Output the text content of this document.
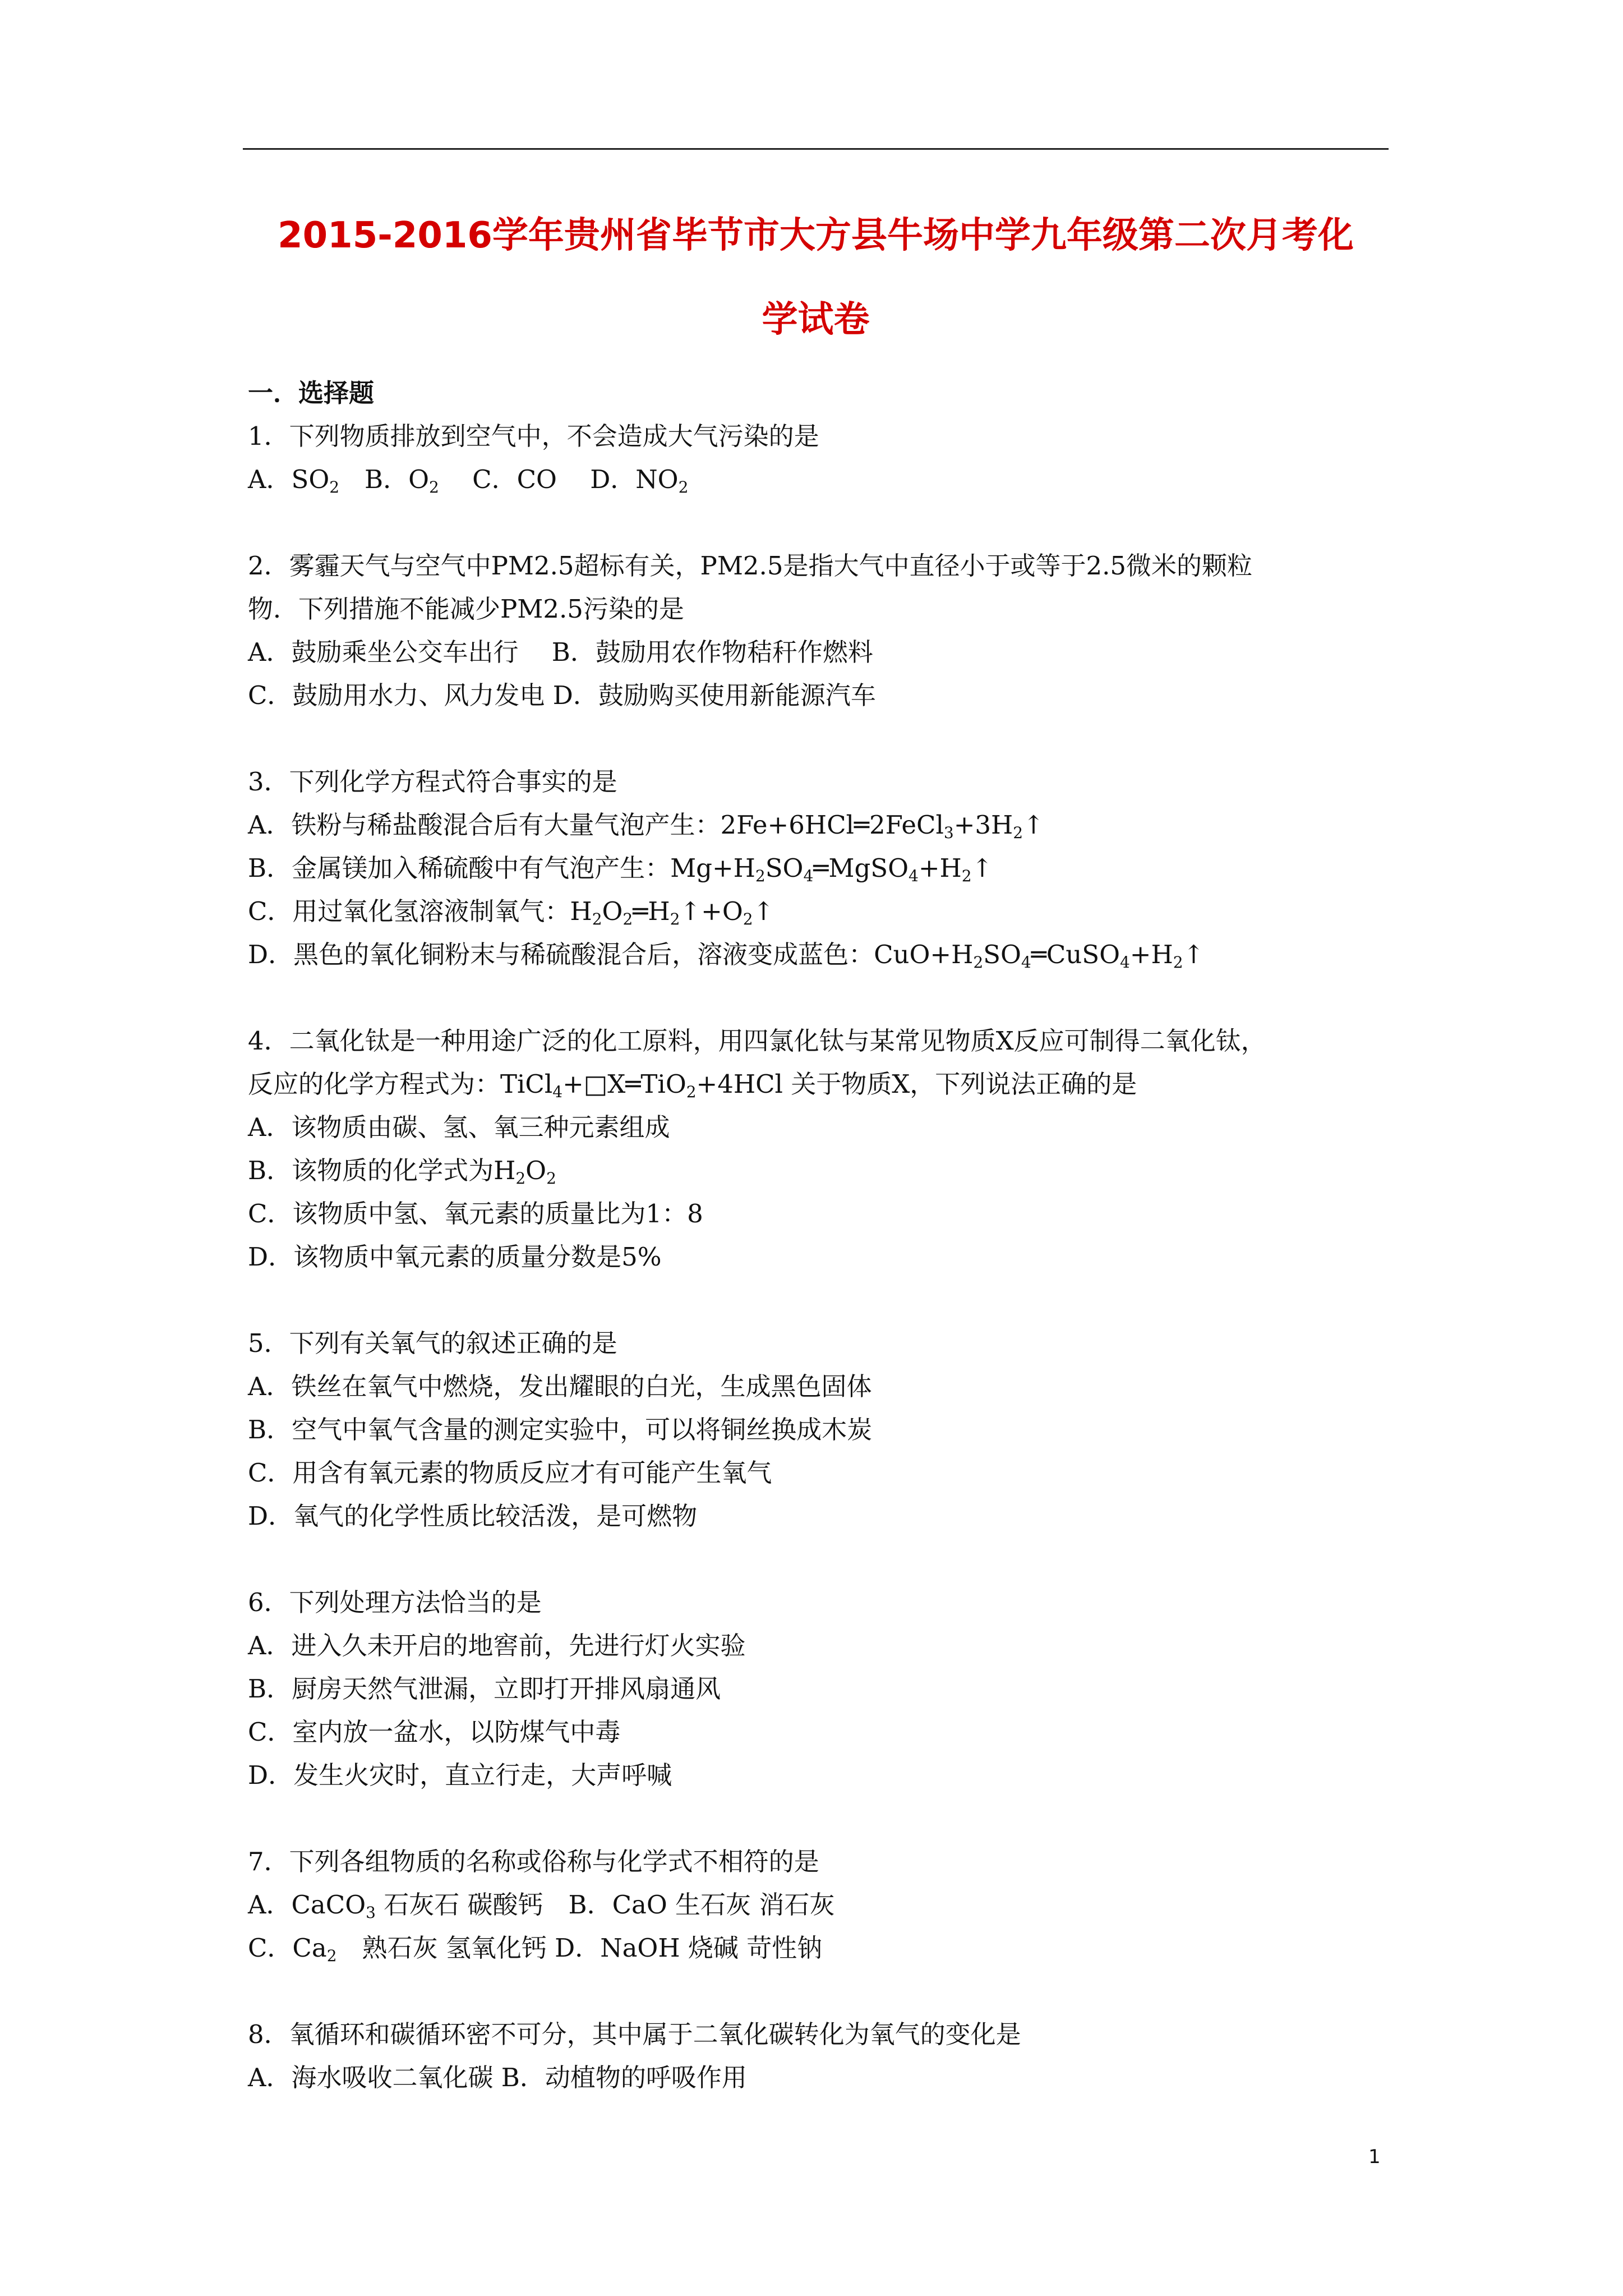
2015-2016学年贵州省毕节市大方县牛场中学九年级第二次月考化
学试卷
一．选择题
1．下列物质排放到空气中，不会造成大气污染的是
A．$SO_2$　B．$O_2$　 C．CO　 D．$NO_2$
2．雾霾天气与空气中PM2.5超标有关，PM2.5是指大气中直径小于或等于2.5微米的颗粒
物．下列措施不能减少PM2.5污染的是
A．鼓励乘坐公交车出行　 B．鼓励用农作物秸秆作燃料
C．鼓励用水力、风力发电 D．鼓励购买使用新能源汽车
3．下列化学方程式符合事实的是
A．铁粉与稀盐酸混合后有大量气泡产生：$2Fe+6HCl═2FeCl_3+3H_2↑$
B．金属镁加入稀硫酸中有气泡产生：$Mg+H_2SO_4═MgSO_4+H_2↑$
C．用过氧化氢溶液制氧气：$H_2O_2═H_2↑+O_2↑$
D．黑色的氧化铜粉末与稀硫酸混合后，溶液变成蓝色：$CuO+H_2SO_4═CuSO_4+H_2↑$
4．二氧化钛是一种用途广泛的化工原料，用四氯化钛与某常见物质X反应可制得二氧化钛，
反应的化学方程式为：TiCl$_4$+□X═TiO$_2$+4HCl 关于物质X，下列说法正确的是
A．该物质由碳、氢、氧三种元素组成
B．该物质的化学式为$H_2O_2$
C．该物质中氢、氧元素的质量比为1：8
D．该物质中氧元素的质量分数是5%
5．下列有关氧气的叙述正确的是
A．铁丝在氧气中燃烧，发出耀眼的白光，生成黑色固体
B．空气中氧气含量的测定实验中，可以将铜丝换成木炭
C．用含有氧元素的物质反应才有可能产生氧气
D．氧气的化学性质比较活泼，是可燃物
6．下列处理方法恰当的是
A．进入久未开启的地窖前，先进行灯火实验
B．厨房天然气泄漏，立即打开排风扇通风
C．室内放一盆水，以防煤气中毒
D．发生火灾时，直立行走，大声呼喊
7．下列各组物质的名称或俗称与化学式不相符的是
A．CaCO$_3$ 石灰石 碳酸钙　B．CaO 生石灰 消石灰
C．$Ca_2$　熟石灰 氢氧化钙 D．NaOH 烧碱 苛性钠
8．氧循环和碳循环密不可分，其中属于二氧化碳转化为氧气的变化是
A．海水吸收二氧化碳 B．动植物的呼吸作用
1
